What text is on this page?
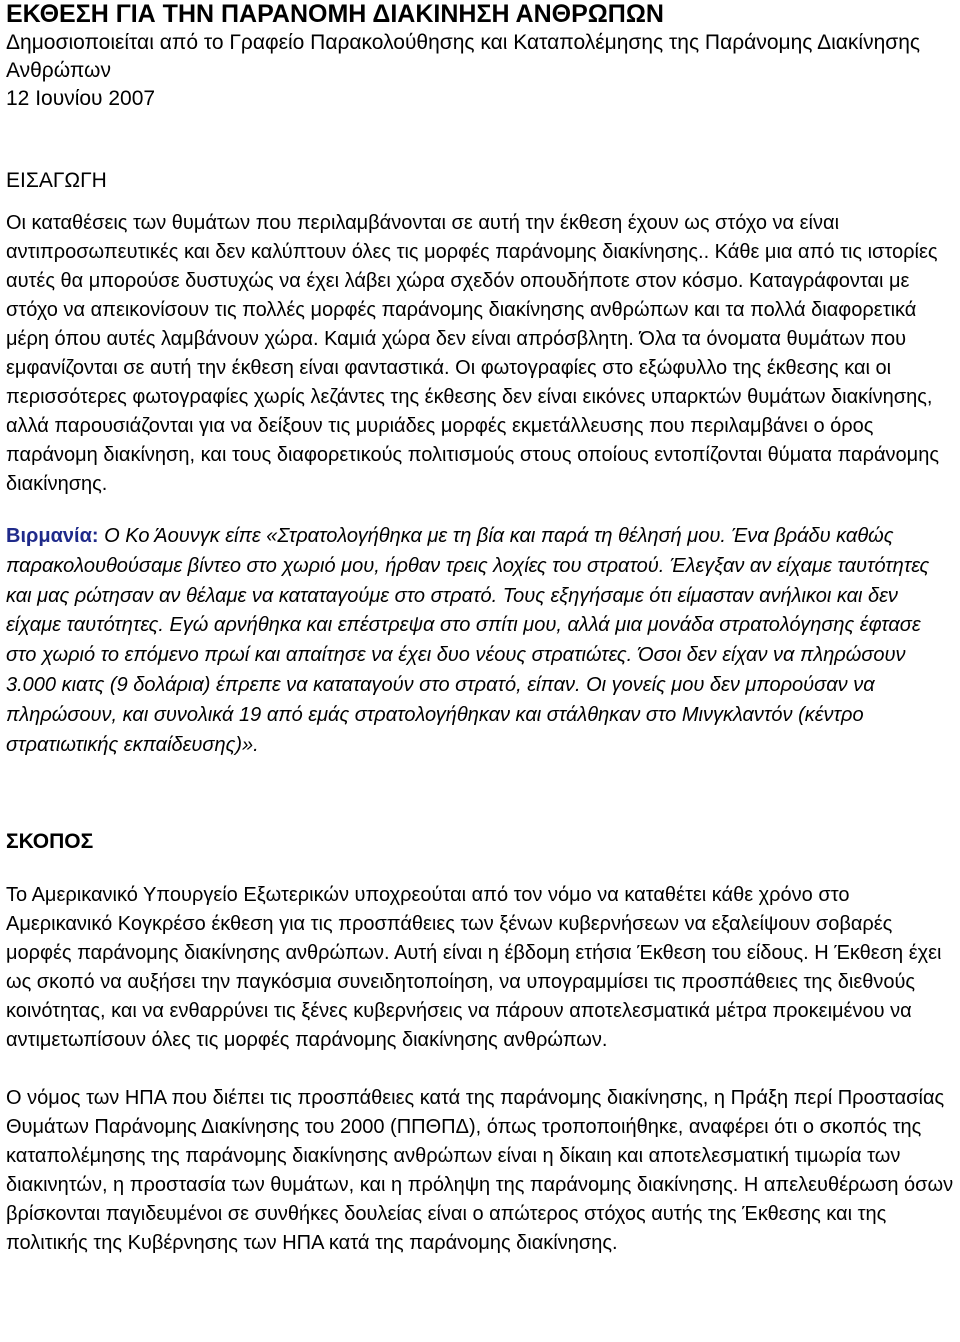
ΕΚΘΕΣΗ ΓΙΑ ΤΗΝ ΠΑΡΑΝΟΜΗ ΔΙΑΚΙΝΗΣΗ ΑΝΘΡΩΠΩΝ

Δημοσιοποιείται από το Γραφείο Παρακολούθησης και Καταπολέμησης της Παράνομης Διακίνησης Ανθρώπων

12 Ιουνίου 2007

ΕΙΣΑΓΩΓΗ

Οι καταθέσεις των θυμάτων που περιλαμβάνονται σε αυτή την έκθεση έχουν ως στόχο να είναι αντιπροσωπευτικές και δεν καλύπτουν όλες τις μορφές παράνομης διακίνησης.. Κάθε μια από τις ιστορίες αυτές θα μπορούσε δυστυχώς να έχει λάβει χώρα σχεδόν οπουδήποτε στον κόσμο. Καταγράφονται με στόχο να απεικονίσουν τις πολλές μορφές παράνομης διακίνησης ανθρώπων και τα πολλά διαφορετικά μέρη όπου αυτές λαμβάνουν χώρα. Καμιά χώρα δεν είναι απρόσβλητη. Όλα τα όνοματα θυμάτων που εμφανίζονται σε αυτή την έκθεση είναι φανταστικά. Οι φωτογραφίες στο εξώφυλλο της έκθεσης και οι περισσότερες φωτογραφίες χωρίς λεζάντες της έκθεσης δεν είναι εικόνες υπαρκτών θυμάτων διακίνησης, αλλά παρουσιάζονται για να δείξουν τις μυριάδες μορφές εκμετάλλευσης που περιλαμβάνει ο όρος παράνομη διακίνηση, και τους διαφορετικούς πολιτισμούς στους οποίους εντοπίζονται θύματα παράνομης διακίνησης.

Βιρμανία: Ο Κο Άουνγκ είπε «Στρατολογήθηκα με τη βία και παρά τη θέλησή μου. Ένα βράδυ καθώς παρακολουθούσαμε βίντεο στο χωριό μου, ήρθαν τρεις λοχίες του στρατού. Έλεγξαν αν είχαμε ταυτότητες και μας ρώτησαν αν θέλαμε να καταταγούμε στο στρατό. Τους εξηγήσαμε ότι είμασταν ανήλικοι και δεν είχαμε ταυτότητες. Εγώ αρνήθηκα και επέστρεψα στο σπίτι μου, αλλά μια μονάδα στρατολόγησης έφτασε στο χωριό το επόμενο πρωί και απαίτησε να έχει δυο νέους στρατιώτες. Όσοι δεν είχαν να πληρώσουν 3.000 κιατς (9 δολάρια) έπρεπε να καταταγούν στο στρατό, είπαν. Οι γονείς μου δεν μπορούσαν να πληρώσουν, και συνολικά 19 από εμάς στρατολογήθηκαν και στάλθηκαν στο Μινγκλαντόν (κέντρο στρατιωτικής εκπαίδευσης)».

ΣΚΟΠΟΣ

Το Αμερικανικό Υπουργείο Εξωτερικών υποχρεούται από τον νόμο να καταθέτει κάθε χρόνο στο Αμερικανικό Κογκρέσο έκθεση για τις προσπάθειες των ξένων κυβερνήσεων να εξαλείψουν σοβαρές μορφές παράνομης διακίνησης ανθρώπων. Αυτή είναι η έβδομη ετήσια Έκθεση του είδους. Η Έκθεση έχει ως σκοπό να αυξήσει την παγκόσμια συνειδητοποίηση, να υπογραμμίσει τις προσπάθειες της διεθνούς κοινότητας, και να ενθαρρύνει τις ξένες κυβερνήσεις να πάρουν αποτελεσματικά μέτρα προκειμένου να αντιμετωπίσουν όλες τις μορφές παράνομης διακίνησης ανθρώπων.

Ο νόμος των ΗΠΑ που διέπει τις προσπάθειες κατά της παράνομης διακίνησης, η Πράξη περί Προστασίας Θυμάτων Παράνομης Διακίνησης του 2000 (ΠΠΘΠΔ), όπως τροποποιήθηκε, αναφέρει ότι ο σκοπός της καταπολέμησης της παράνομης διακίνησης ανθρώπων είναι η δίκαιη και αποτελεσματική τιμωρία των διακινητών, η προστασία των θυμάτων, και η πρόληψη της παράνομης διακίνησης. Η απελευθέρωση όσων βρίσκονται παγιδευμένοι σε συνθήκες δουλείας είναι ο απώτερος στόχος αυτής της Έκθεσης και της πολιτικής της Κυβέρνησης των ΗΠΑ κατά της παράνομης διακίνησης.
